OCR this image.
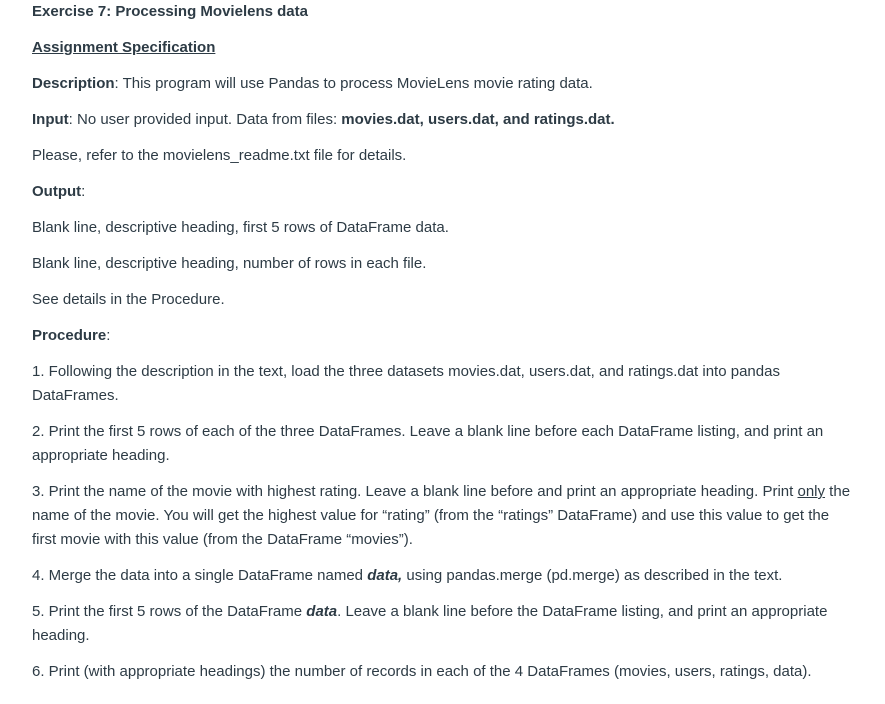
Exercise 7: Processing Movielens data
Assignment Specification
Description: This program will use Pandas to process MovieLens movie rating data.
Input: No user provided input. Data from files: movies.dat, users.dat, and ratings.dat.
Please, refer to the movielens_readme.txt file for details.
Output:
Blank line, descriptive heading, first 5 rows of DataFrame data.
Blank line, descriptive heading, number of rows in each file.
See details in the Procedure.
Procedure:
1. Following the description in the text, load the three datasets movies.dat, users.dat, and ratings.dat into pandas DataFrames.
2. Print the first 5 rows of each of the three DataFrames. Leave a blank line before each DataFrame listing, and print an appropriate heading.
3. Print the name of the movie with highest rating. Leave a blank line before and print an appropriate heading. Print only the name of the movie. You will get the highest value for “rating” (from the “ratings” DataFrame) and use this value to get the first movie with this value (from the DataFrame “movies”).
4. Merge the data into a single DataFrame named data, using pandas.merge (pd.merge) as described in the text.
5. Print the first 5 rows of the DataFrame data. Leave a blank line before the DataFrame listing, and print an appropriate heading.
6. Print (with appropriate headings) the number of records in each of the 4 DataFrames (movies, users, ratings, data).
